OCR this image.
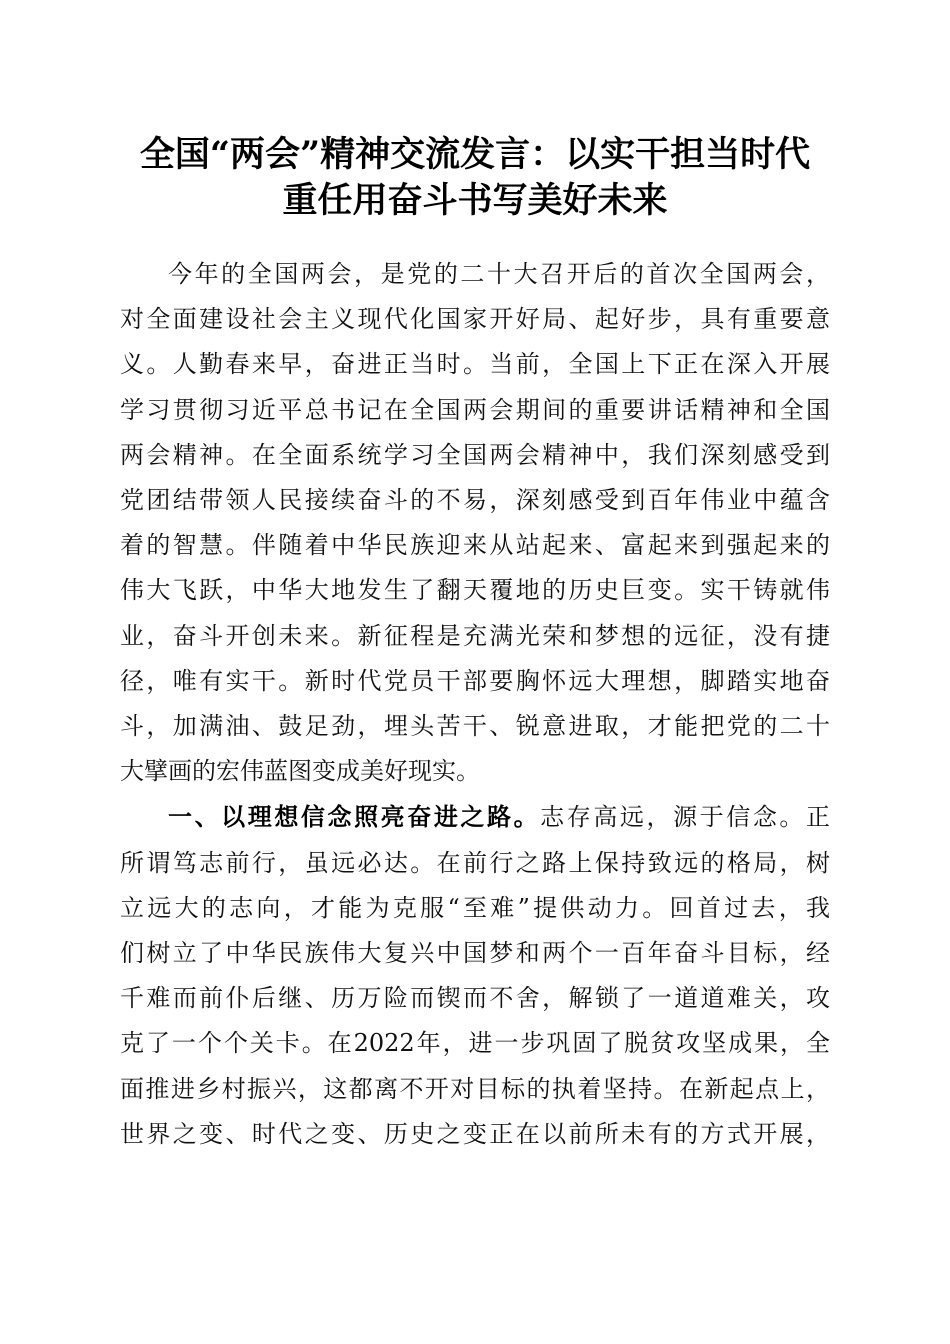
全国“两会”精神交流发言：以实干担当时代
重任用奋斗书写美好未来
今年的全国两会，是党的二十大召开后的首次全国两会，
对全面建设社会主义现代化国家开好局、起好步，具有重要意
义。人勤春来早，奋进正当时。当前，全国上下正在深入开展
学习贯彻习近平总书记在全国两会期间的重要讲话精神和全国
两会精神。在全面系统学习全国两会精神中，我们深刻感受到
党团结带领人民接续奋斗的不易，深刻感受到百年伟业中蕴含
着的智慧。伴随着中华民族迎来从站起来、富起来到强起来的
伟大飞跃，中华大地发生了翻天覆地的历史巨变。实干铸就伟
业，奋斗开创未来。新征程是充满光荣和梦想的远征，没有捷
径，唯有实干。新时代党员干部要胸怀远大理想，脚踏实地奋
斗，加满油、鼓足劲，埋头苦干、锐意进取，才能把党的二十
大擘画的宏伟蓝图变成美好现实。
一、以理想信念照亮奋进之路。志存高远，源于信念。正
所谓笃志前行，虽远必达。在前行之路上保持致远的格局，树
立远大的志向，才能为克服“至难”提供动力。回首过去，我
们树立了中华民族伟大复兴中国梦和两个一百年奋斗目标，经
千难而前仆后继、历万险而锲而不舍，解锁了一道道难关，攻
克了一个个关卡。在2022年，进一步巩固了脱贫攻坚成果，全
面推进乡村振兴，这都离不开对目标的执着坚持。在新起点上，
世界之变、时代之变、历史之变正在以前所未有的方式开展，
